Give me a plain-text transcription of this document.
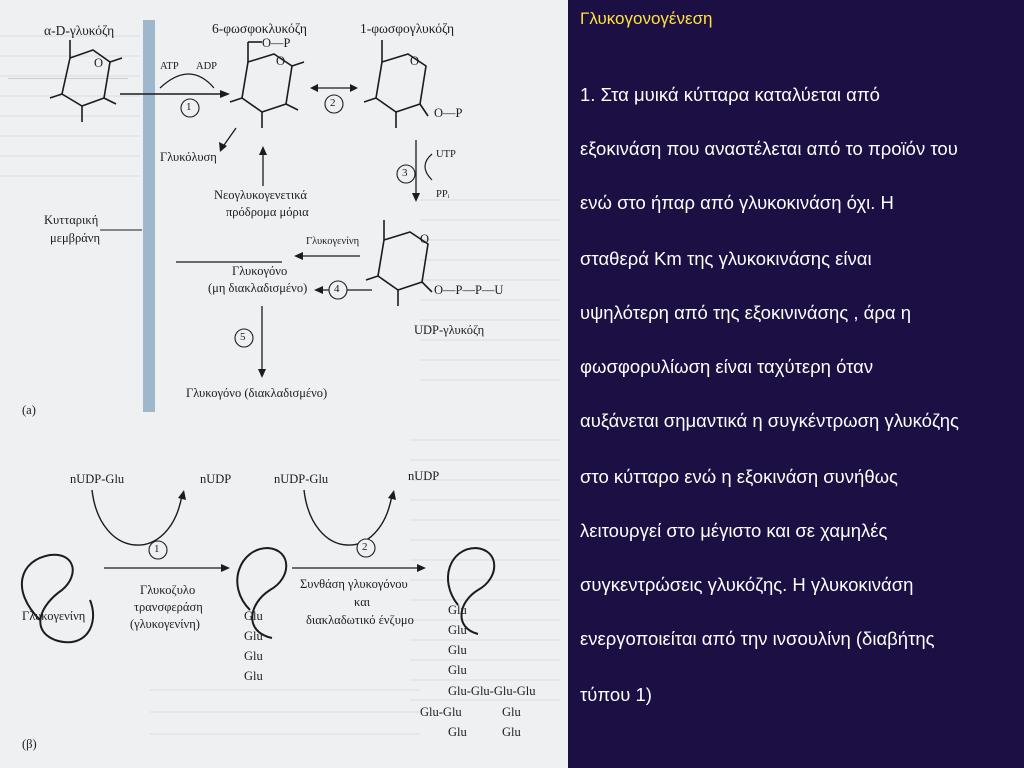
α-D-γλυκόζη
O
6-φωσφοκλυκόζη
O—P
O
1-φωσφογλυκόζη
O
O—P
ATP ADP
UTP
PPᵢ
Γλυκόλυση
Κυτταρική
μεμβράνη
Νεογλυκογενετικά
πρόδρομα μόρια
Γλυκογενίνη	O
Γλυκογόνο
(μη διακλαδισμένο)	O—P—P—U
UDP-γλυκόζη
Γλυκογόνο (διακλαδισμένο)
(a)
1	2
3
4
5
nUDP-Glu	nUDP	nUDP-Glu	nUDP
Γλυκογενίνη
Γλυκοζυλο
τρανσφεράση
(γλυκογενίνη)
Συνθάση γλυκογόνου
και
διακλαδωτικό ένζυμο
Glu
Glu
Glu
Glu
Glu
Glu
Glu
Glu
Glu-Glu-Glu-Glu
Glu-Glu	Glu
Glu	Glu
1	2
(β)
Γλυκογονογένεση
1. Στα μυικά κύτταρα καταλύεται από
εξοκινάση που αναστέλεται από το προϊόν του
ενώ στο ήπαρ από γλυκοκινάση όχι. Η
σταθερά Km της γλυκοκινάσης είναι
υψηλότερη από της εξοκινινάσης , άρα η
φωσφορυλίωση είναι ταχύτερη όταν
αυξάνεται σημαντικά η συγκέντρωση γλυκόζης
στο κύτταρο ενώ η εξοκινάση συνήθως
λειτουργεί στο μέγιστο και σε χαμηλές
συγκεντρώσεις γλυκόζης. Η γλυκοκινάση
ενεργοποιείται από την ινσουλίνη (διαβήτης
τύπου 1)
